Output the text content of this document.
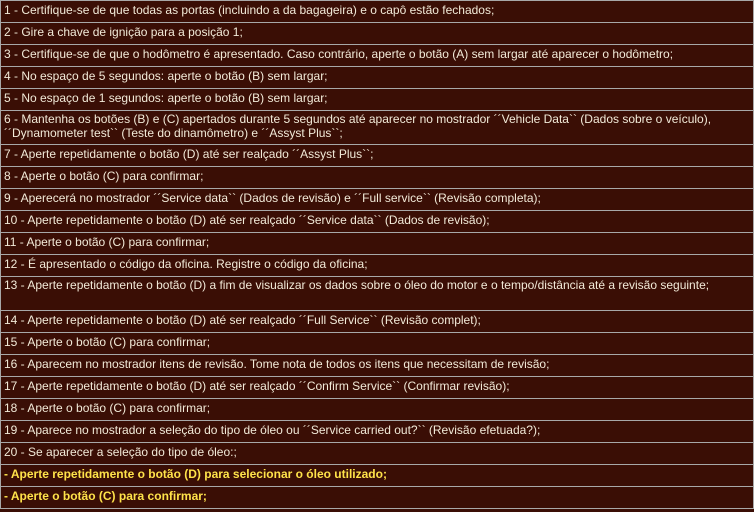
1 - Certifique-se de que todas as portas (incluindo a da bagageira) e o capô estão fechados;
2 - Gire a chave de ignição para a posição 1;
3 - Certifique-se de que o hodômetro é apresentado. Caso contrário, aperte o botão (A) sem largar até aparecer o hodômetro;
4 - No espaço de 5 segundos: aperte o botão (B) sem largar;
5 - No espaço de 1 segundos: aperte o botão (B) sem largar;
6 - Mantenha os botões (B) e (C) apertados durante 5 segundos até aparecer no mostrador ´´Vehicle Data`` (Dados sobre o veículo), ´´Dynamometer test`` (Teste do dinamômetro) e ´´Assyst Plus``;
7 - Aperte repetidamente o botão (D) até ser realçado ´´Assyst Plus``;
8 - Aperte o botão (C) para confirmar;
9 - Aperecerá no mostrador ´´Service data`` (Dados de revisão) e ´´Full service`` (Revisão completa);
10 - Aperte repetidamente o botão (D) até ser realçado ´´Service data`` (Dados de revisão);
11 - Aperte o botão (C) para confirmar;
12 - É apresentado o código da oficina. Registre o código da oficina;
13 - Aperte repetidamente o botão (D) a fim de visualizar os dados sobre o óleo do motor e o tempo/distância até a revisão seguinte;
14 - Aperte repetidamente o botão (D) até ser realçado ´´Full Service`` (Revisão complet);
15 - Aperte o botão (C) para confirmar;
16 - Aparecem no mostrador itens de revisão. Tome nota de todos os itens que necessitam de revisão;
17 - Aperte repetidamente o botão (D) até ser realçado ´´Confirm Service`` (Confirmar revisão);
18 - Aperte o botão (C) para confirmar;
19 - Aparece no mostrador a seleção do tipo de óleo ou ´´Service carried out?`` (Revisão efetuada?);
20 - Se aparecer a seleção do tipo de óleo:;
- Aperte repetidamente o botão (D) para selecionar o óleo utilizado;
- Aperte o botão (C) para confirmar;
